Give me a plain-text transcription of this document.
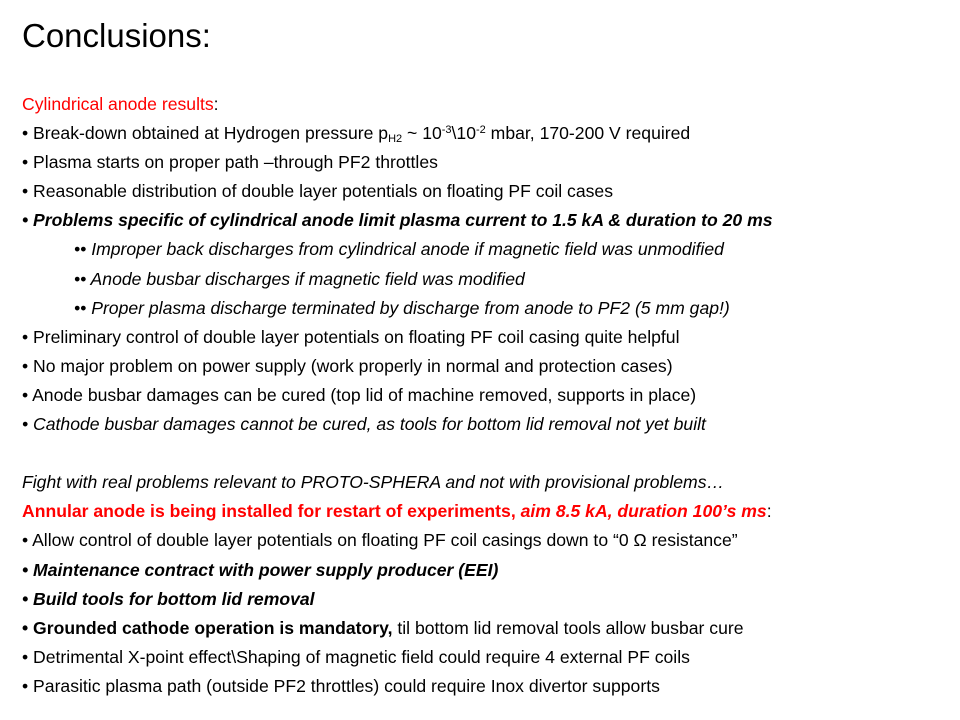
Conclusions:
Cylindrical anode results:
• Break-down obtained at Hydrogen pressure $p_{H2}$ ~ $10^{-3}\backslash 10^{-2}$ mbar, 170-200 V required
• Plasma starts on proper path –through PF2 throttles
• Reasonable distribution of double layer potentials on floating PF coil cases
• Problems specific of cylindrical anode limit plasma current to 1.5 kA & duration to 20 ms
•• Improper back discharges from cylindrical anode if magnetic field was unmodified
•• Anode busbar discharges if magnetic field was modified
•• Proper plasma discharge terminated by discharge from anode to PF2 (5 mm gap!)
• Preliminary control of double layer potentials on floating PF coil casing quite helpful
• No major problem on power supply (work properly in normal and protection cases)
• Anode busbar damages can be cured (top lid of machine removed, supports in place)
• Cathode busbar damages cannot be cured, as tools for bottom lid removal not yet built
Fight with real problems relevant to PROTO-SPHERA and not with provisional problems…
Annular anode is being installed for restart of experiments, aim 8.5 kA, duration 100’s ms:
• Allow control of double layer potentials on floating PF coil casings down to “0 Ω resistance”
• Maintenance contract with power supply producer (EEI)
• Build tools for bottom lid removal
• Grounded cathode operation is mandatory, til bottom lid removal tools allow busbar cure
• Detrimental X-point effect\Shaping of magnetic field could require 4 external PF coils
• Parasitic plasma path (outside PF2 throttles) could require Inox divertor supports
